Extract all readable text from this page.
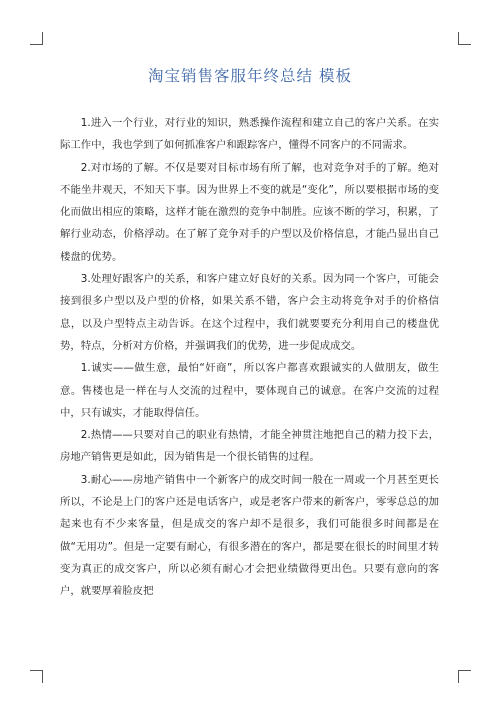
淘宝销售客服年终总结 模板

1.进入一个行业，对行业的知识，熟悉操作流程和建立自己的客户关系。在实际工作中，我也学到了如何抓准客户和跟踪客户，懂得不同客户的不同需求。

2.对市场的了解。不仅是要对目标市场有所了解，也对竞争对手的了解。绝对不能坐井观天，不知天下事。因为世界上不变的就是“变化”，所以要根据市场的变化而做出相应的策略，这样才能在激烈的竞争中制胜。应该不断的学习，积累，了解行业动态，价格浮动。在了解了竞争对手的户型以及价格信息，才能凸显出自己楼盘的优势。

3.处理好跟客户的关系，和客户建立好良好的关系。因为同一个客户，可能会接到很多户型以及户型的价格，如果关系不错，客户会主动将竞争对手的价格信息，以及户型特点主动告诉。在这个过程中，我们就要要充分利用自己的楼盘优势，特点，分析对方价格，并强调我们的优势，进一步促成成交。

1.诚实——做生意，最怕“奸商”，所以客户都喜欢跟诚实的人做朋友，做生意。售楼也是一样在与人交流的过程中，要体现自己的诚意。在客户交流的过程中，只有诚实，才能取得信任。

2.热情——只要对自己的职业有热情，才能全神贯注地把自己的精力投下去，房地产销售更是如此，因为销售是一个很长销售的过程。

3.耐心——房地产销售中一个新客户的成交时间一般在一周或一个月甚至更长所以，不论是上门的客户还是电话客户，或是老客户带来的新客户，零零总总的加起来也有不少来客量，但是成交的客户却不是很多，我们可能很多时间都是在做“无用功”。但是一定要有耐心，有很多潜在的客户，都是要在很长的时间里才转变为真正的成交客户，所以必须有耐心才会把业绩做得更出色。只要有意向的客户，就要厚着脸皮把
